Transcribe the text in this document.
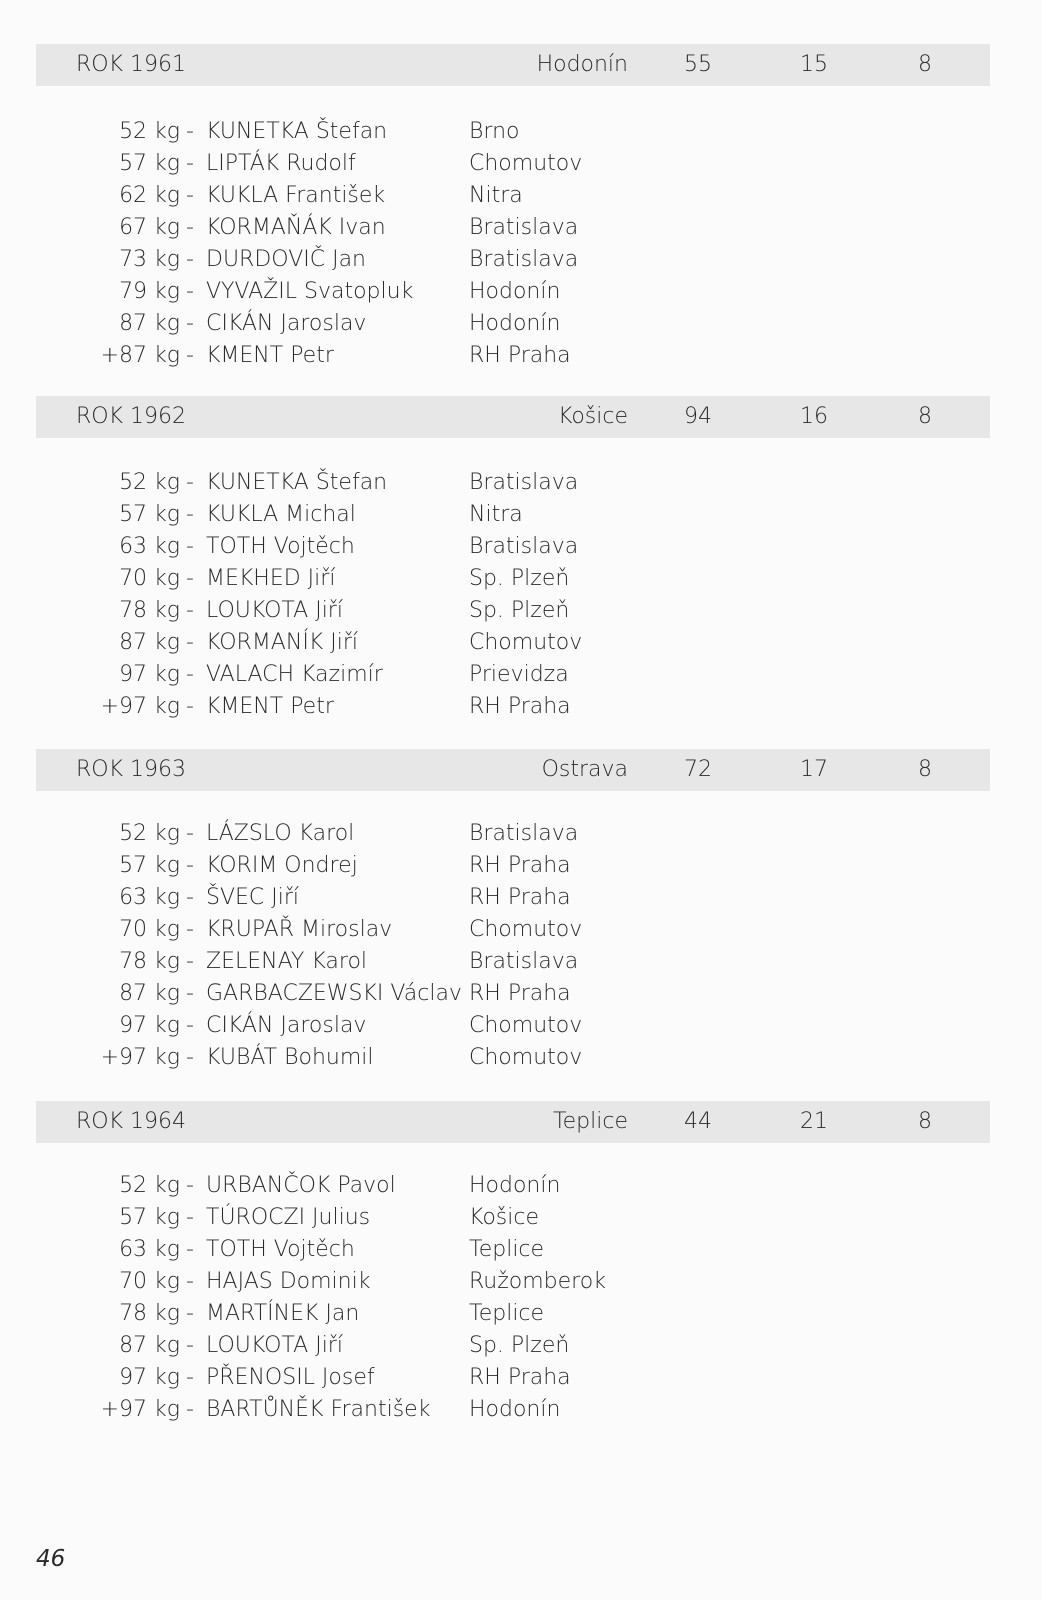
ROK 1961	Hodonín	55	15	8
52 kg - KUNETKA Štefan	Brno
57 kg - LIPTÁK Rudolf	Chomutov
62 kg - KUKLA František	Nitra
67 kg - KORMAŇÁK Ivan	Bratislava
73 kg - DURDOVIČ Jan	Bratislava
79 kg - VYVAŽIL Svatopluk	Hodonín
87 kg - CIKÁN Jaroslav	Hodonín
+87 kg - KMENT Petr	RH Praha
ROK 1962	Košice	94	16	8
52 kg - KUNETKA Štefan	Bratislava
57 kg - KUKLA Michal	Nitra
63 kg - TOTH Vojtěch	Bratislava
70 kg - MEKHED Jiří	Sp. Plzeň
78 kg - LOUKOTA Jiří	Sp. Plzeň
87 kg - KORMANÍK Jiří	Chomutov
97 kg - VALACH Kazimír	Prievidza
+97 kg - KMENT Petr	RH Praha
ROK 1963	Ostrava	72	17	8
52 kg - LÁZSLO Karol	Bratislava
57 kg - KORIM Ondrej	RH Praha
63 kg - ŠVEC Jiří	RH Praha
70 kg - KRUPAŘ Miroslav	Chomutov
78 kg - ZELENAY Karol	Bratislava
87 kg - GARBACZEWSKI Václav RH Praha
97 kg - CIKÁN Jaroslav	Chomutov
+97 kg - KUBÁT Bohumil	Chomutov
ROK 1964	Teplice	44	21	8
52 kg - URBANČOK Pavol	Hodonín
57 kg - TÚROCZI Julius	Košice
63 kg - TOTH Vojtěch	Teplice
70 kg - HAJAS Dominik	Ružomberok
78 kg - MARTÍNEK Jan	Teplice
87 kg - LOUKOTA Jiří	Sp. Plzeň
97 kg - PŘENOSIL Josef	RH Praha
+97 kg - BARTŮNĚK František Hodonín
46
